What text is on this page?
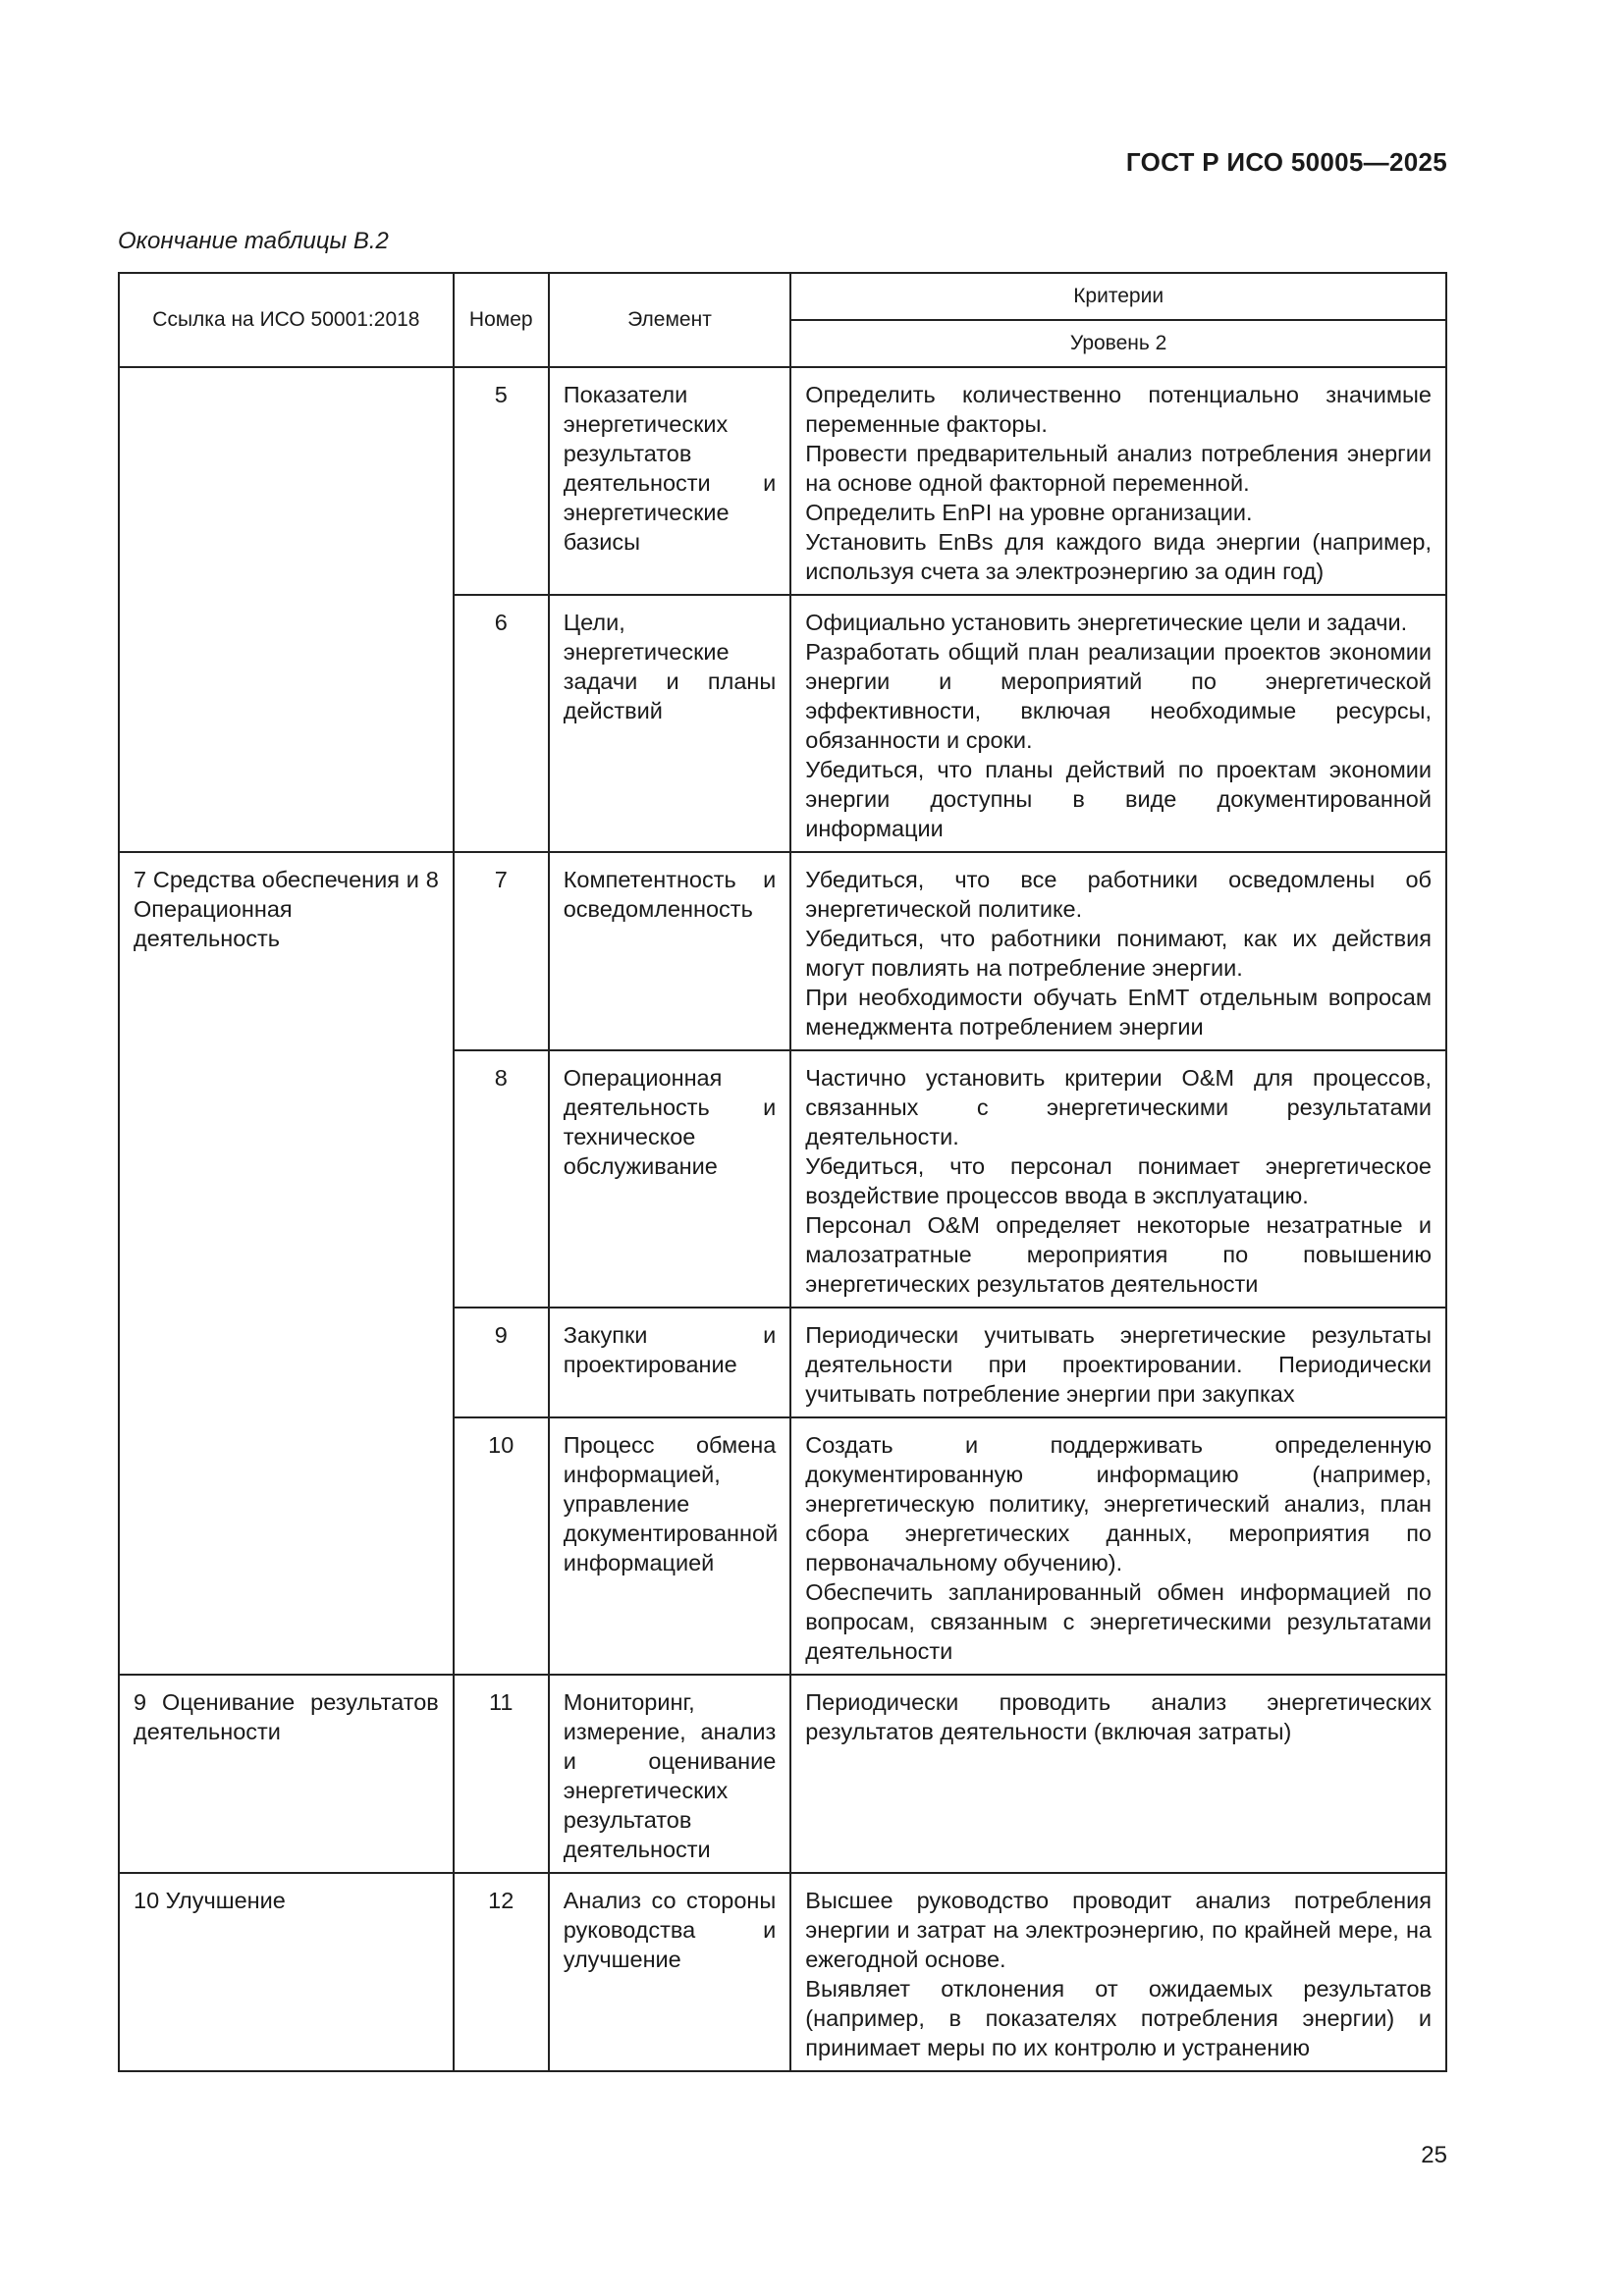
ГОСТ Р ИСО 50005—2025
Окончание таблицы В.2
Ссылка на ИСО 50001:2018	Номер	Элемент	Критерии
			Уровень 2
	5	Показатели энергетических результатов деятельности и энергетические базисы	Определить количественно потенциально значимые переменные факторы.

Провести предварительный анализ потребления энергии на основе одной факторной переменной.

Определить EnPI на уровне организации.

Установить EnBs для каждого вида энергии (например, используя счета за электроэнергию за один год)

	6	Цели, энергетические задачи и планы действий	Официально установить энергетические цели и задачи.

Разработать общий план реализации проектов экономии энергии и мероприятий по энергетической эффективности, включая необходимые ресурсы, обязанности и сроки.

Убедиться, что планы действий по проектам экономии энергии доступны в виде документированной информации

7 Средства обеспечения и 8 Операционная деятельность	7	Компетентность и осведомленность	Убедиться, что все работники осведомлены об энергетической политике.

Убедиться, что работники понимают, как их действия могут повлиять на потребление энергии.

При необходимости обучать EnMT отдельным вопросам менеджмента потреблением энергии

	8	Операционная деятельность и техническое обслуживание	Частично установить критерии O&M для процессов, связанных с энергетическими результатами деятельности.

Убедиться, что персонал понимает энергетическое воздействие процессов ввода в эксплуатацию.

Персонал O&M определяет некоторые незатратные и малозатратные мероприятия по повышению энергетических результатов деятельности

	9	Закупки и проектирование	Периодически учитывать энергетические результаты деятельности при проектировании. Периодически учитывать потребление энергии при закупках

	10	Процесс обмена информацией, управление документированной информацией	Создать и поддерживать определенную документированную информацию (например, энергетическую политику, энергетический анализ, план сбора энергетических данных, мероприятия по первоначальному обучению).

Обеспечить запланированный обмен информацией по вопросам, связанным с энергетическими результатами деятельности

9 Оценивание результатов деятельности	11	Мониторинг, измерение, анализ и оценивание энергетических результатов деятельности	Периодически проводить анализ энергетических результатов деятельности (включая затраты)

10 Улучшение	12	Анализ со стороны руководства и улучшение	Высшее руководство проводит анализ потребления энергии и затрат на электроэнергию, по крайней мере, на ежегодной основе.

Выявляет отклонения от ожидаемых результатов (например, в показателях потребления энергии) и принимает меры по их контролю и устранению

25
